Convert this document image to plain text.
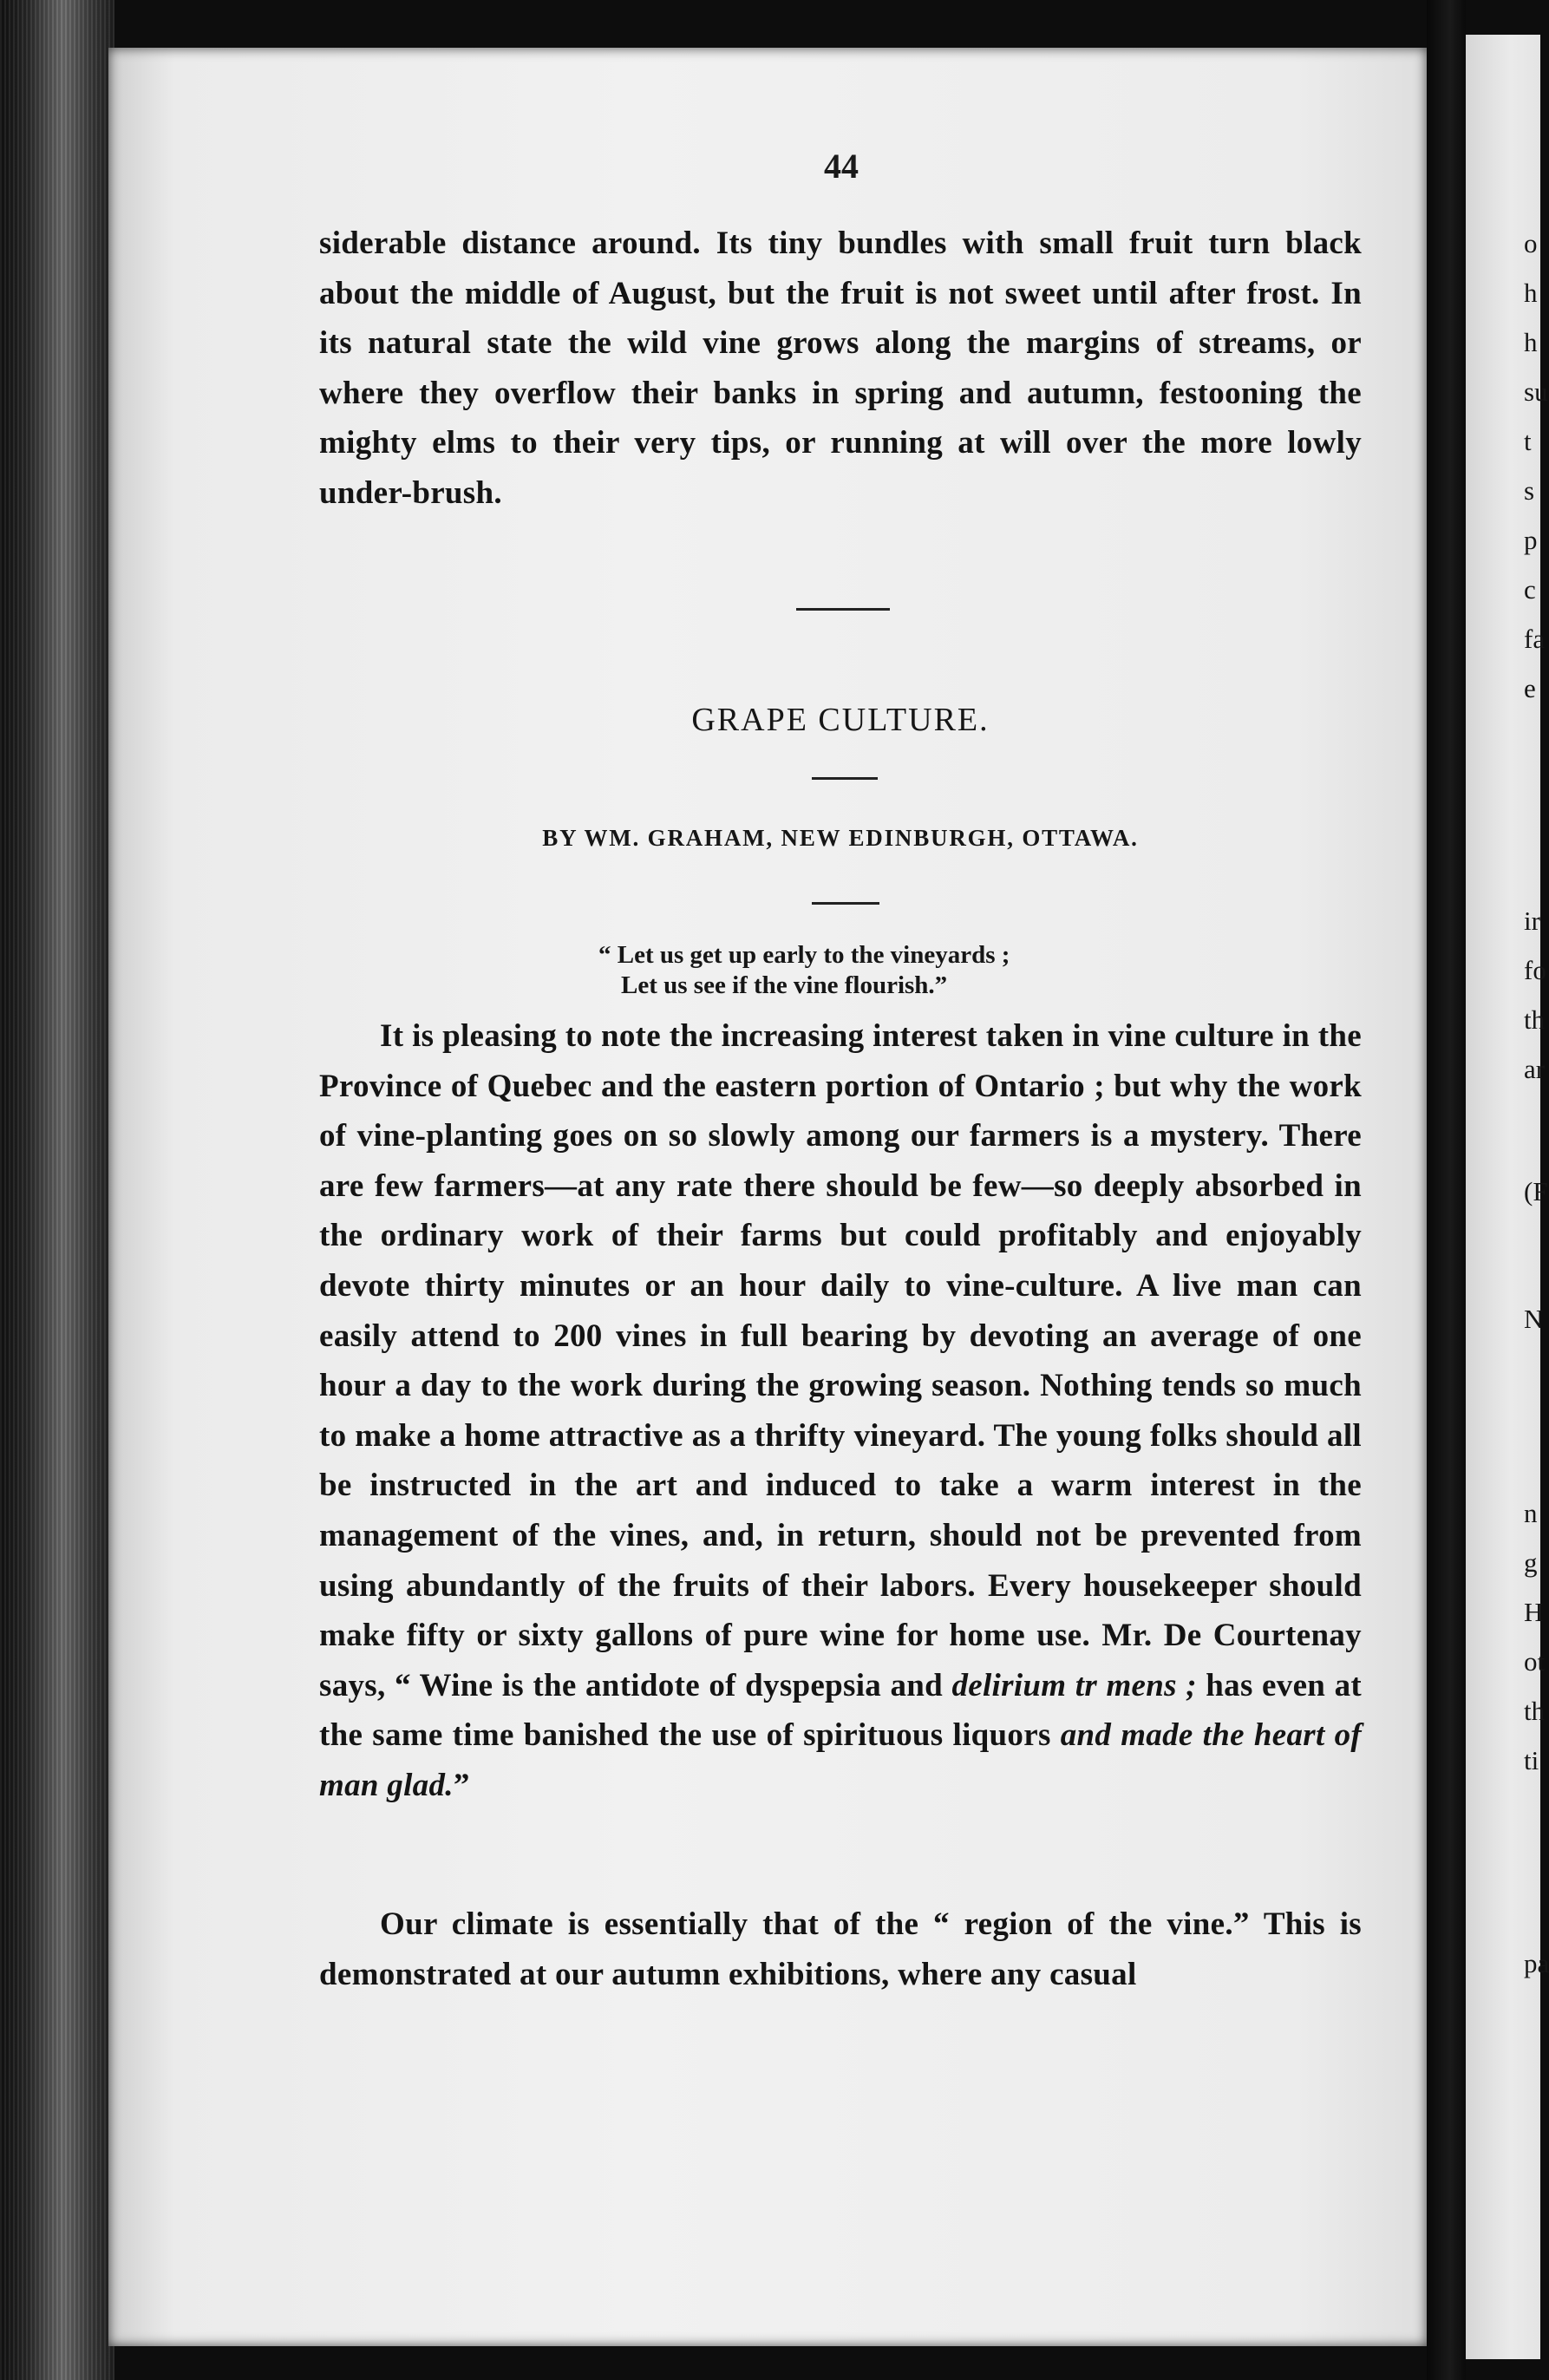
o
h
h
su
t
s
p
c
fa
e
ir
fo
th
ar
(F
N
n
g
H
ot
th
ti
pa
44

siderable distance around. Its tiny bundles with small fruit turn black about the middle of August, but the fruit is not sweet until after frost. In its natural state the wild vine grows along the margins of streams, or where they overflow their banks in spring and autumn, festooning the mighty elms to their very tips, or running at will over the more lowly under-brush.

GRAPE CULTURE.
BY WM. GRAHAM, NEW EDINBURGH, OTTAWA.
“ Let us get up early to the vineyards ;
Let us see if the vine flourish.”

It is pleasing to note the increasing interest taken in vine culture in the Province of Quebec and the eastern portion of Ontario ; but why the work of vine-planting goes on so slowly among our farmers is a mystery. There are few farmers—at any rate there should be few—so deeply absorbed in the ordinary work of their farms but could profitably and enjoyably devote thirty minutes or an hour daily to vine-culture. A live man can easily attend to 200 vines in full bearing by devoting an average of one hour a day to the work during the growing season. Nothing tends so much to make a home attractive as a thrifty vineyard. The young folks should all be instructed in the art and induced to take a warm interest in the management of the vines, and, in return, should not be prevented from using abundantly of the fruits of their labors. Every housekeeper should make fifty or sixty gallons of pure wine for home use. Mr. De Courtenay says, “ Wine is the antidote of dyspepsia and delirium tr mens ; has even at the same time banished the use of spirituous liquors and made the heart of man glad.”

Our climate is essentially that of the “ region of the vine.” This is demonstrated at our autumn exhibitions, where any casual
